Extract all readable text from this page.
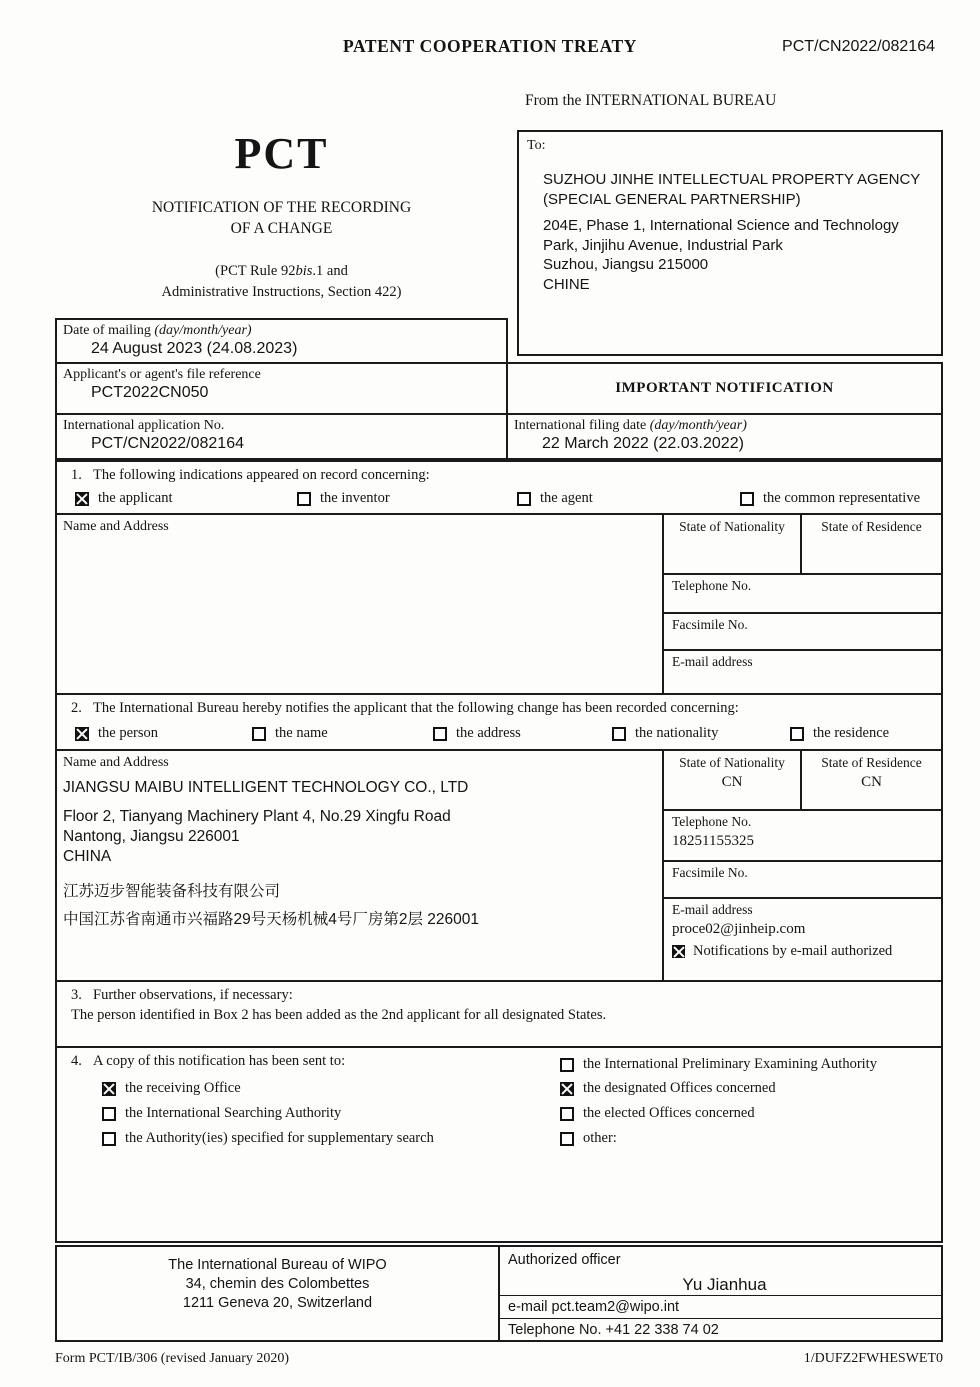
PATENT COOPERATION TREATY	PCT/CN2022/082164
From the INTERNATIONAL BUREAU
PCT
NOTIFICATION OF THE RECORDING
OF A CHANGE
(PCT Rule 92bis.1 and
Administrative Instructions, Section 422)
To:
SUZHOU JINHE INTELLECTUAL PROPERTY AGENCY (SPECIAL GENERAL PARTNERSHIP)
204E, Phase 1, International Science and Technology Park, Jinjihu Avenue, Industrial Park
Suzhou, Jiangsu 215000
CHINE
Date of mailing (day/month/year)
24 August 2023 (24.08.2023)
Applicant's or agent's file reference
PCT2022CN050
International application No.
PCT/CN2022/082164
IMPORTANT NOTIFICATION
International filing date (day/month/year)
22 March 2022 (22.03.2022)
1. The following indications appeared on record concerning:
the applicant	the inventor	the agent	the common representative
Name and Address	State of Nationality	State of Residence
Telephone No.
Facsimile No.
E-mail address
2. The International Bureau hereby notifies the applicant that the following change has been recorded concerning:
the person	the name	the address	the nationality	the residence
Name and Address
JIANGSU MAIBU INTELLIGENT TECHNOLOGY CO., LTD
Floor 2, Tianyang Machinery Plant 4, No.29 Xingfu Road
Nantong, Jiangsu 226001
CHINA
江苏迈步智能装备科技有限公司
中国江苏省南通市兴福路29号天杨机械4号厂房第2层 226001
State of Nationality
CN
State of Residence
CN
Telephone No.
18251155325
Facsimile No.
E-mail address
proce02@jinheip.com
Notifications by e-mail authorized
3. Further observations, if necessary:
The person identified in Box 2 has been added as the 2nd applicant for all designated States.
4. A copy of this notification has been sent to:	the International Preliminary Examining Authority
the receiving Office	the designated Offices concerned
the International Searching Authority	the elected Offices concerned
the Authority(ies) specified for supplementary search	other:
The International Bureau of WIPO
34, chemin des Colombettes
1211 Geneva 20, Switzerland
Authorized officer
Yu Jianhua
e-mail pct.team2@wipo.int
Telephone No. +41 22 338 74 02
Form PCT/IB/306 (revised January 2020)	1/DUFZ2FWHESWET0
